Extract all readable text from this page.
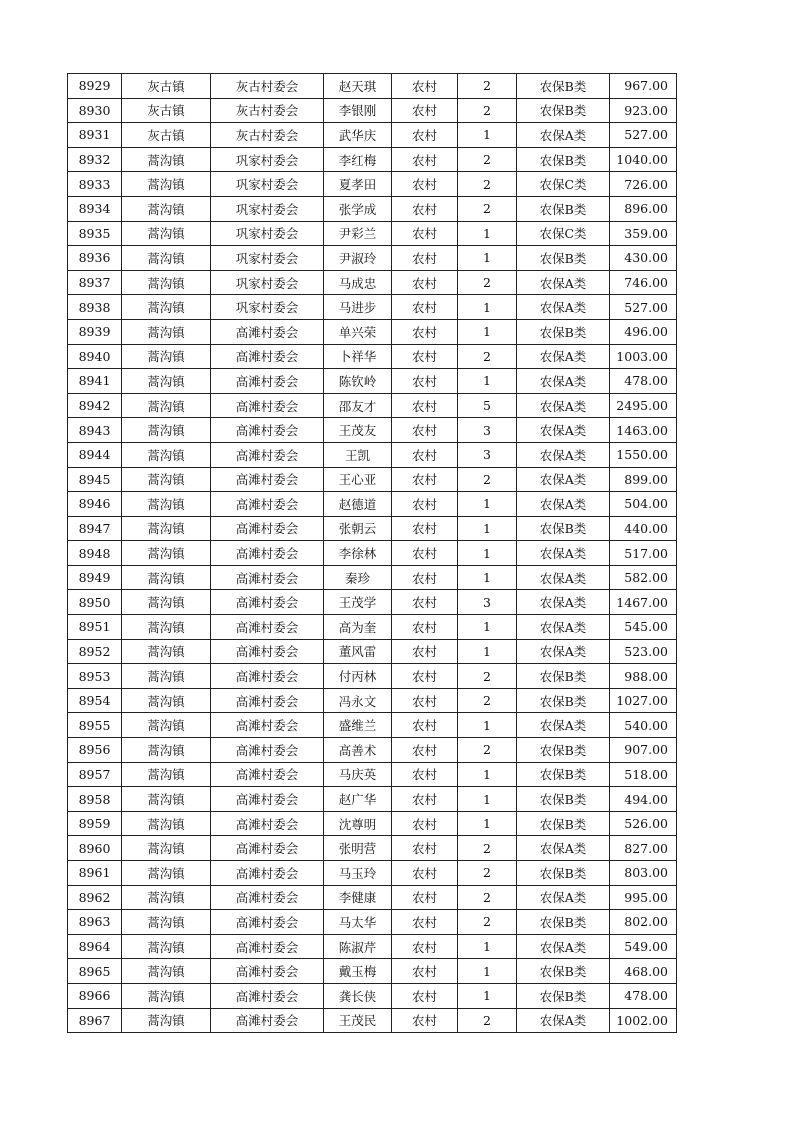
8929	灰古镇	灰古村委会	赵天琪	农村	2	农保B类	967.00
8930	灰古镇	灰古村委会	李银刚	农村	2	农保B类	923.00
8931	灰古镇	灰古村委会	武华庆	农村	1	农保A类	527.00
8932	蒿沟镇	巩家村委会	李红梅	农村	2	农保B类	1040.00
8933	蒿沟镇	巩家村委会	夏孝田	农村	2	农保C类	726.00
8934	蒿沟镇	巩家村委会	张学成	农村	2	农保B类	896.00
8935	蒿沟镇	巩家村委会	尹彩兰	农村	1	农保C类	359.00
8936	蒿沟镇	巩家村委会	尹淑玲	农村	1	农保B类	430.00
8937	蒿沟镇	巩家村委会	马成忠	农村	2	农保A类	746.00
8938	蒿沟镇	巩家村委会	马进步	农村	1	农保A类	527.00
8939	蒿沟镇	高滩村委会	单兴荣	农村	1	农保B类	496.00
8940	蒿沟镇	高滩村委会	卜祥华	农村	2	农保A类	1003.00
8941	蒿沟镇	高滩村委会	陈钦岭	农村	1	农保A类	478.00
8942	蒿沟镇	高滩村委会	邵友才	农村	5	农保A类	2495.00
8943	蒿沟镇	高滩村委会	王茂友	农村	3	农保A类	1463.00
8944	蒿沟镇	高滩村委会	王凯	农村	3	农保A类	1550.00
8945	蒿沟镇	高滩村委会	王心亚	农村	2	农保A类	899.00
8946	蒿沟镇	高滩村委会	赵德道	农村	1	农保A类	504.00
8947	蒿沟镇	高滩村委会	张朝云	农村	1	农保B类	440.00
8948	蒿沟镇	高滩村委会	李徐林	农村	1	农保A类	517.00
8949	蒿沟镇	高滩村委会	秦珍	农村	1	农保A类	582.00
8950	蒿沟镇	高滩村委会	王茂学	农村	3	农保A类	1467.00
8951	蒿沟镇	高滩村委会	高为奎	农村	1	农保A类	545.00
8952	蒿沟镇	高滩村委会	董风雷	农村	1	农保A类	523.00
8953	蒿沟镇	高滩村委会	付丙林	农村	2	农保B类	988.00
8954	蒿沟镇	高滩村委会	冯永文	农村	2	农保B类	1027.00
8955	蒿沟镇	高滩村委会	盛维兰	农村	1	农保A类	540.00
8956	蒿沟镇	高滩村委会	高善术	农村	2	农保B类	907.00
8957	蒿沟镇	高滩村委会	马庆英	农村	1	农保B类	518.00
8958	蒿沟镇	高滩村委会	赵广华	农村	1	农保B类	494.00
8959	蒿沟镇	高滩村委会	沈尊明	农村	1	农保B类	526.00
8960	蒿沟镇	高滩村委会	张明营	农村	2	农保A类	827.00
8961	蒿沟镇	高滩村委会	马玉玲	农村	2	农保B类	803.00
8962	蒿沟镇	高滩村委会	李健康	农村	2	农保A类	995.00
8963	蒿沟镇	高滩村委会	马太华	农村	2	农保B类	802.00
8964	蒿沟镇	高滩村委会	陈淑芹	农村	1	农保A类	549.00
8965	蒿沟镇	高滩村委会	戴玉梅	农村	1	农保B类	468.00
8966	蒿沟镇	高滩村委会	龚长侠	农村	1	农保B类	478.00
8967	蒿沟镇	高滩村委会	王茂民	农村	2	农保A类	1002.00
